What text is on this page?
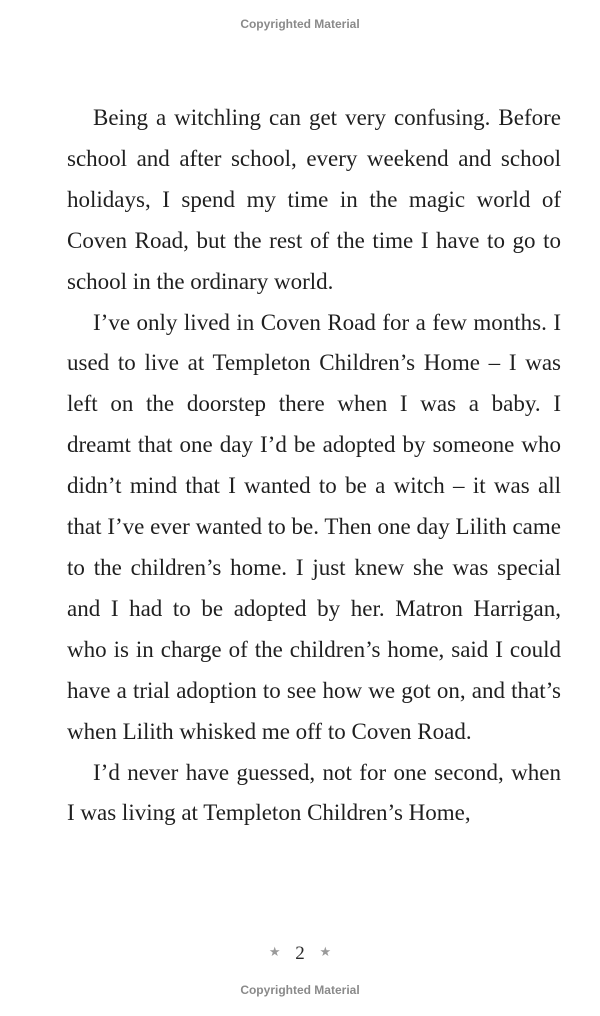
Copyrighted Material

Being a witchling can get very confusing. Before school and after school, every weekend and school holidays, I spend my time in the magic world of Coven Road, but the rest of the time I have to go to school in the ordinary world.

I’ve only lived in Coven Road for a few months. I used to live at Templeton Children’s Home – I was left on the doorstep there when I was a baby. I dreamt that one day I’d be adopted by someone who didn’t mind that I wanted to be a witch – it was all that I’ve ever wanted to be. Then one day Lilith came to the children’s home. I just knew she was special and I had to be adopted by her. Matron Harrigan, who is in charge of the children’s home, said I could have a trial adoption to see how we got on, and that’s when Lilith whisked me off to Coven Road.

I’d never have guessed, not for one second, when I was living at Templeton Children’s Home,

★ 2 ★
Copyrighted Material
